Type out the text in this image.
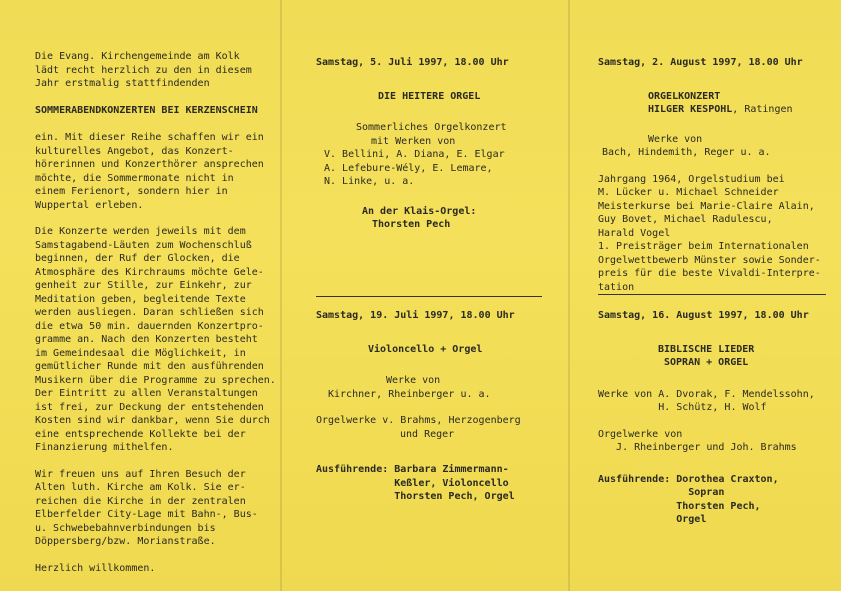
Die Evang. Kirchengemeinde am Kolk

lädt recht herzlich zu den in diesem

Jahr erstmalig stattfindenden

SOMMERABENDKONZERTEN BEI KERZENSCHEIN

ein. Mit dieser Reihe schaffen wir ein

kulturelles Angebot, das Konzert-

hörerinnen und Konzerthörer ansprechen

möchte, die Sommermonate nicht in

einem Ferienort, sondern hier in

Wuppertal erleben.

Die Konzerte werden jeweils mit dem

Samstagabend-Läuten zum Wochenschluß

beginnen, der Ruf der Glocken, die

Atmosphäre des Kirchraums möchte Gele-

genheit zur Stille, zur Einkehr, zur

Meditation geben, begleitende Texte

werden ausliegen. Daran schließen sich

die etwa 50 min. dauernden Konzertpro-

gramme an. Nach den Konzerten besteht

im Gemeindesaal die Möglichkeit, in

gemütlicher Runde mit den ausführenden

Musikern über die Programme zu sprechen.

Der Eintritt zu allen Veranstaltungen

ist frei, zur Deckung der entstehenden

Kosten sind wir dankbar, wenn Sie durch

eine entsprechende Kollekte bei der

Finanzierung mithelfen.

Wir freuen uns auf Ihren Besuch der

Alten luth. Kirche am Kolk. Sie er-

reichen die Kirche in der zentralen

Elberfelder City-Lage mit Bahn-, Bus-

u. Schwebebahnverbindungen bis

Döppersberg/bzw. Morianstraße.

Herzlich willkommen.

Samstag, 5. Juli 1997, 18.00 Uhr

DIE HEITERE ORGEL

Sommerliches Orgelkonzert

mit Werken von

V. Bellini, A. Diana, E. Elgar

A. Lefebure-Wély, E. Lemare,

N. Linke, u. a.

An der Klais-Orgel:

Thorsten Pech

Samstag, 19. Juli 1997, 18.00 Uhr

Violoncello + Orgel

Werke von

Kirchner, Rheinberger u. a.

Orgelwerke v. Brahms, Herzogenberg

und Reger

Ausführende: Barbara Zimmermann-

Keßler, Violoncello

Thorsten Pech, Orgel

Samstag, 2. August 1997, 18.00 Uhr

ORGELKONZERT

HILGER KESPOHL, Ratingen

Werke von

Bach, Hindemith, Reger u. a.

Jahrgang 1964, Orgelstudium bei

M. Lücker u. Michael Schneider

Meisterkurse bei Marie-Claire Alain,

Guy Bovet, Michael Radulescu,

Harald Vogel

1. Preisträger beim Internationalen

Orgelwettbewerb Münster sowie Sonder-

preis für die beste Vivaldi-Interpre-

tation

Samstag, 16. August 1997, 18.00 Uhr

BIBLISCHE LIEDER

SOPRAN + ORGEL

Werke von A. Dvorak, F. Mendelssohn,

H. Schütz, H. Wolf

Orgelwerke von

J. Rheinberger und Joh. Brahms

Ausführende: Dorothea Craxton,

Sopran

Thorsten Pech,

Orgel
